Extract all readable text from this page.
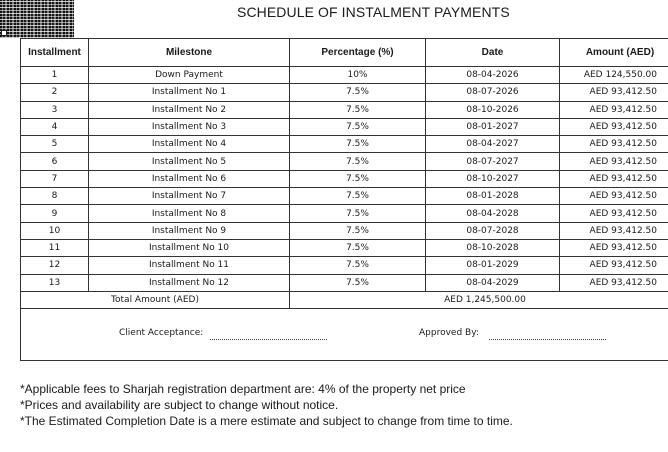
SCHEDULE OF INSTALMENT PAYMENTS
Installment	Milestone	Percentage (%)	Date	Amount (AED)
1	Down Payment	10%	08-04-2026	AED 124,550.00
2	Installment No 1	7.5%	08-07-2026	AED 93,412.50
3	Installment No 2	7.5%	08-10-2026	AED 93,412.50
4	Installment No 3	7.5%	08-01-2027	AED 93,412.50
5	Installment No 4	7.5%	08-04-2027	AED 93,412.50
6	Installment No 5	7.5%	08-07-2027	AED 93,412.50
7	Installment No 6	7.5%	08-10-2027	AED 93,412.50
8	Installment No 7	7.5%	08-01-2028	AED 93,412.50
9	Installment No 8	7.5%	08-04-2028	AED 93,412.50
10	Installment No 9	7.5%	08-07-2028	AED 93,412.50
11	Installment No 10	7.5%	08-10-2028	AED 93,412.50
12	Installment No 11	7.5%	08-01-2029	AED 93,412.50
13	Installment No 12	7.5%	08-04-2029	AED 93,412.50
Total Amount (AED)		AED 1,245,500.00		
Client Acceptance:	Approved By:
*Applicable fees to Sharjah registration department are: 4% of the property net price
*Prices and availability are subject to change without notice.
*The Estimated Completion Date is a mere estimate and subject to change from time to time.
